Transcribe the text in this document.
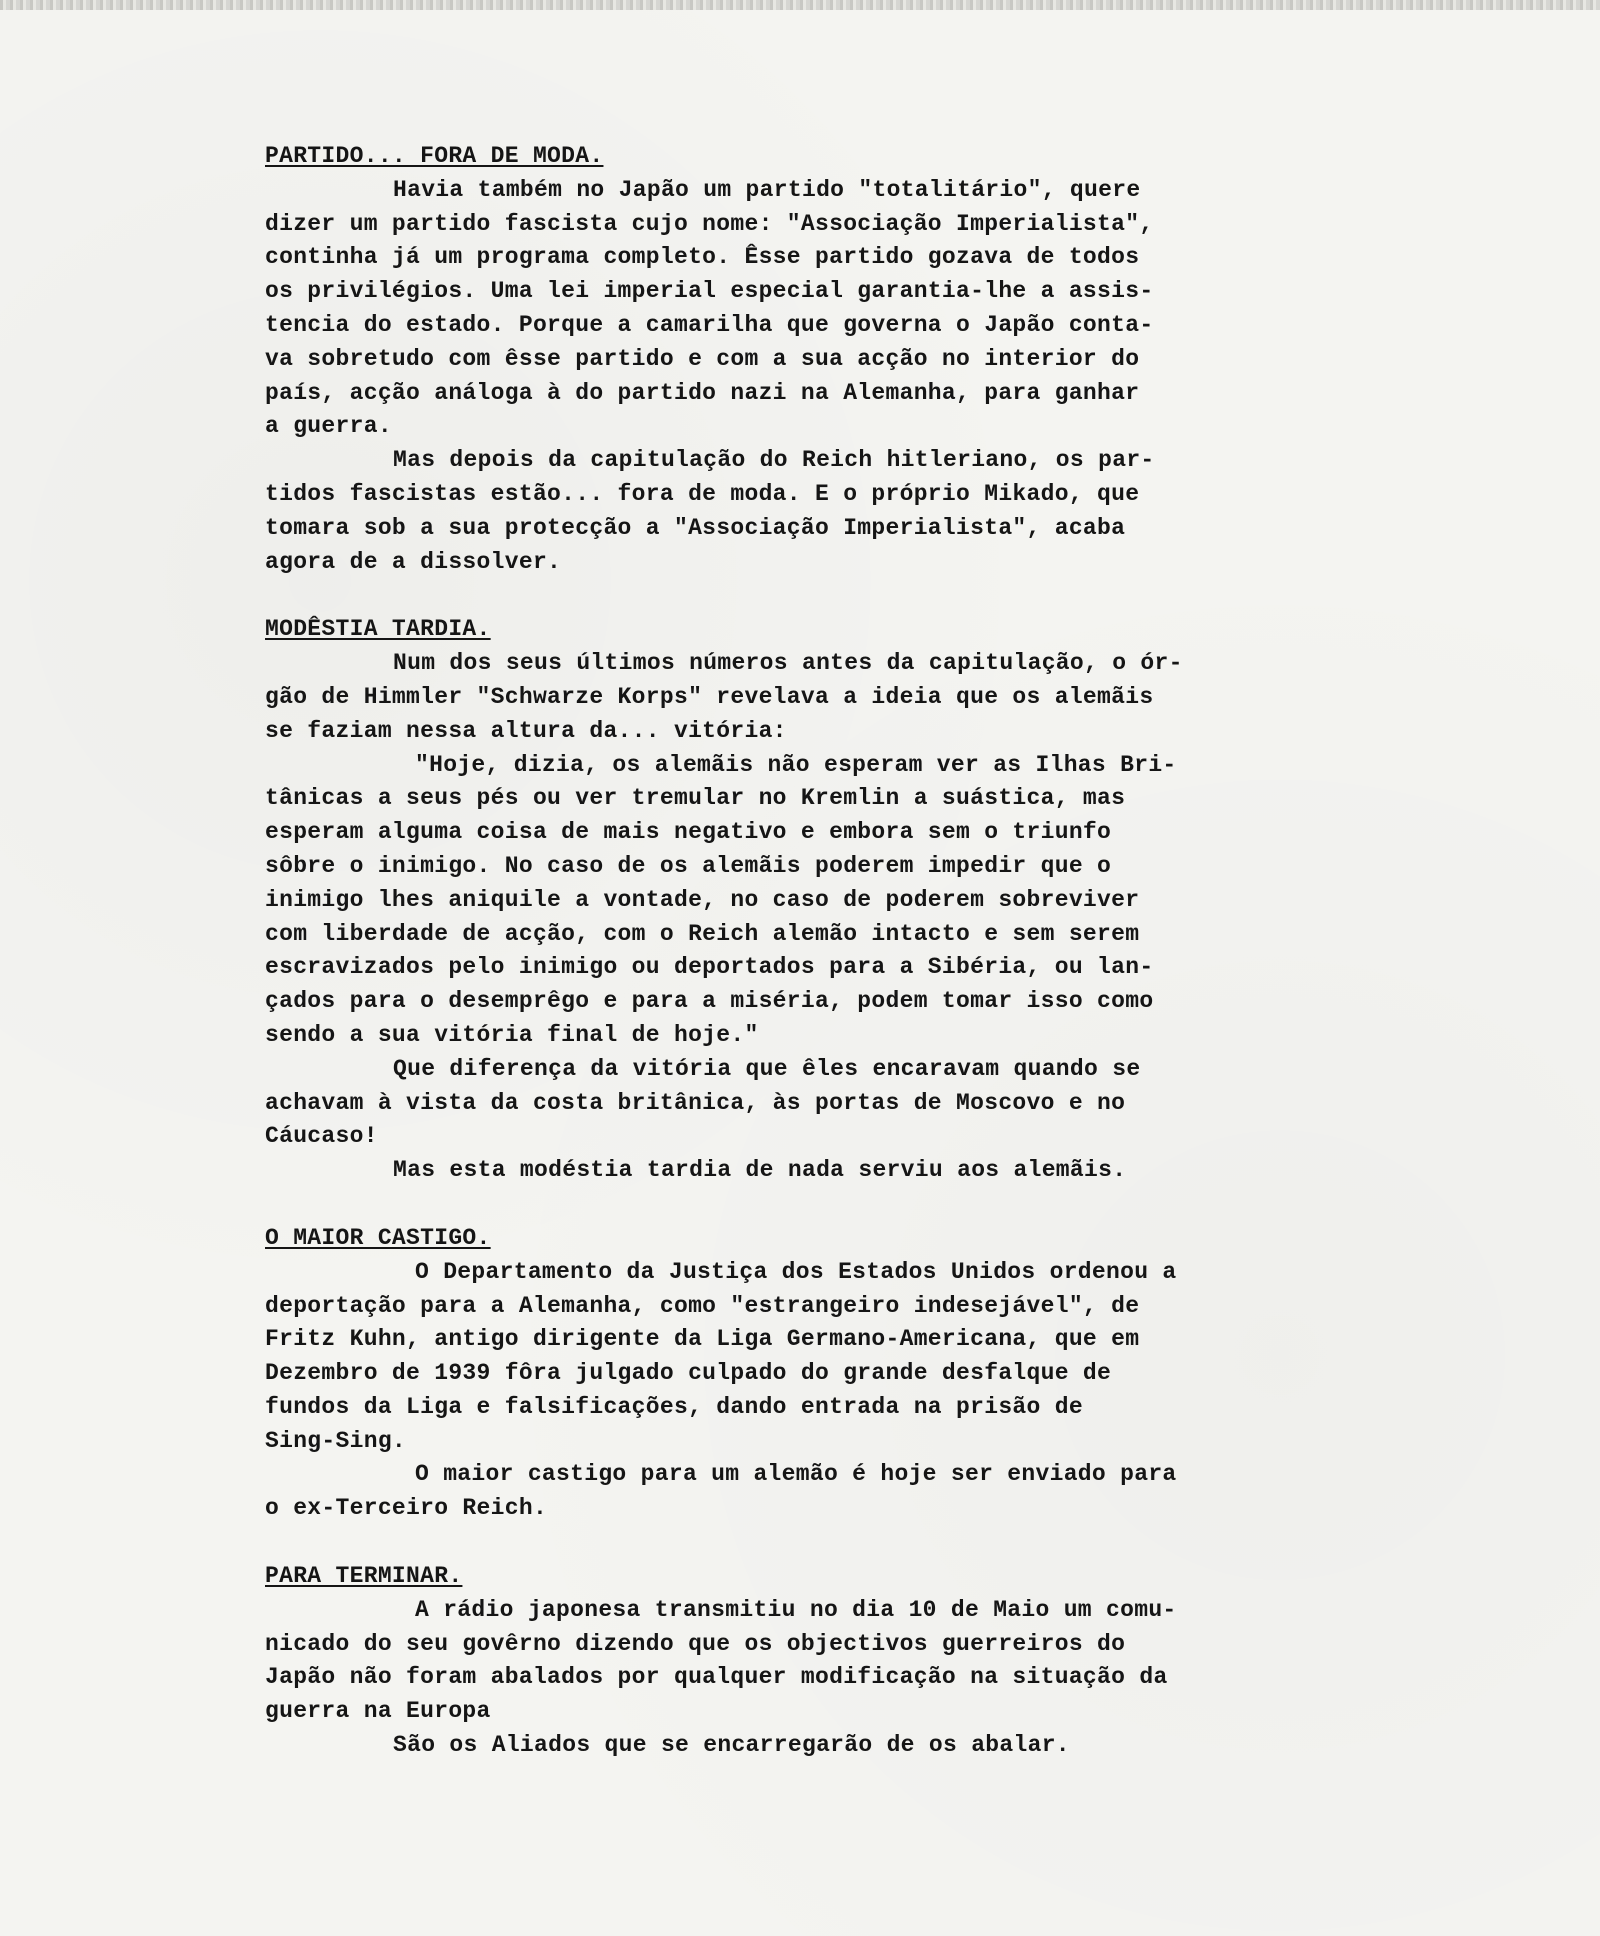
PARTIDO... FORA DE MODA.
Havia também no Japão um partido "totalitário", quere
dizer um partido fascista cujo nome: "Associação Imperialista",
continha já um programa completo. Êsse partido gozava de todos
os privilégios. Uma lei imperial especial garantia-lhe a assis-
tencia do estado. Porque a camarilha que governa o Japão conta-
va sobretudo com êsse partido e com a sua acção no interior do
país, acção análoga à do partido nazi na Alemanha, para ganhar
a guerra.
Mas depois da capitulação do Reich hitleriano, os par-
tidos fascistas estão... fora de moda. E o próprio Mikado, que
tomara sob a sua protecção a "Associação Imperialista", acaba
agora de a dissolver.
MODÊSTIA TARDIA.
Num dos seus últimos números antes da capitulação, o ór-
gão de Himmler "Schwarze Korps" revelava a ideia que os alemãis
se faziam nessa altura da... vitória:
"Hoje, dizia, os alemãis não esperam ver as Ilhas Bri-
tânicas a seus pés ou ver tremular no Kremlin a suástica, mas
esperam alguma coisa de mais negativo e embora sem o triunfo
sôbre o inimigo. No caso de os alemãis poderem impedir que o
inimigo lhes aniquile a vontade, no caso de poderem sobreviver
com liberdade de acção, com o Reich alemão intacto e sem serem
escravizados pelo inimigo ou deportados para a Sibéria, ou lan-
çados para o desemprêgo e para a miséria, podem tomar isso como
sendo a sua vitória final de hoje."
Que diferença da vitória que êles encaravam quando se
achavam à vista da costa britânica, às portas de Moscovo e no
Cáucaso!
Mas esta modéstia tardia de nada serviu aos alemãis.
O MAIOR CASTIGO.
O Departamento da Justiça dos Estados Unidos ordenou a
deportação para a Alemanha, como "estrangeiro indesejável", de
Fritz Kuhn, antigo dirigente da Liga Germano-Americana, que em
Dezembro de 1939 fôra julgado culpado do grande desfalque de
fundos da Liga e falsificações, dando entrada na prisão de
Sing-Sing.
O maior castigo para um alemão é hoje ser enviado para
o ex-Terceiro Reich.
PARA TERMINAR.
A rádio japonesa transmitiu no dia 10 de Maio um comu-
nicado do seu govêrno dizendo que os objectivos guerreiros do
Japão não foram abalados por qualquer modificação na situação da
guerra na Europa
São os Aliados que se encarregarão de os abalar.
